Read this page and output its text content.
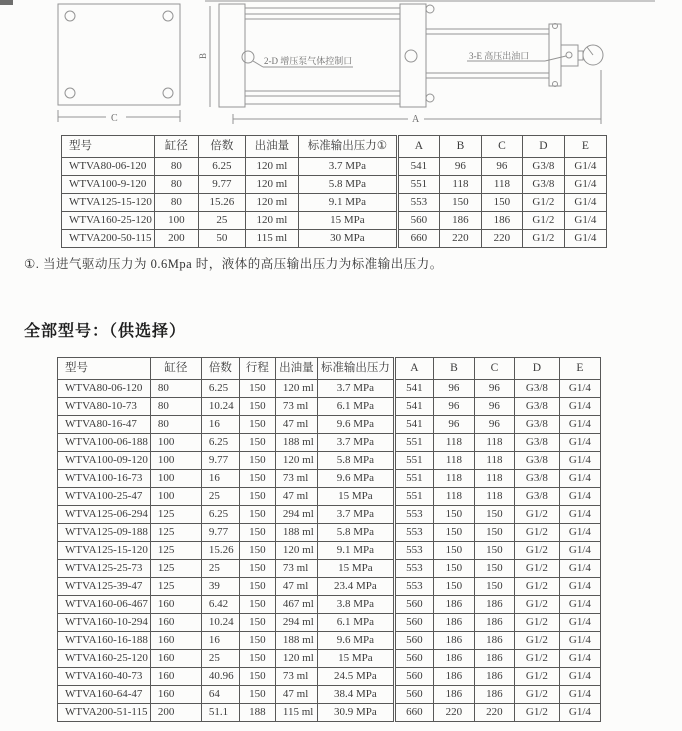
C
B
2-D 增压泵气体控制口	3-E 高压出油口
A
型号	缸径	倍数	出油量	标准输出压力①	A	B	C	D	E
WTVA80-06-120	80	6.25	120 ml	3.7 MPa	541	96	96	G3/8	G1/4
WTVA100-9-120	80	9.77	120 ml	5.8 MPa	551	118	118	G3/8	G1/4
WTVA125-15-120	80	15.26	120 ml	9.1 MPa	553	150	150	G1/2	G1/4
WTVA160-25-120	100	25	120 ml	15 MPa	560	186	186	G1/2	G1/4
WTVA200-50-115	200	50	115 ml	30 MPa	660	220	220	G1/2	G1/4
①. 当进气驱动压力为 0.6Mpa 时，液体的高压输出压力为标准输出压力。
全部型号：（供选择）
型号	缸径	倍数	行程	出油量	标准输出压力	A	B	C	D	E
WTVA80-06-120	80	6.25	150	120 ml	3.7 MPa	541	96	96	G3/8	G1/4
WTVA80-10-73	80	10.24	150	73 ml	6.1 MPa	541	96	96	G3/8	G1/4
WTVA80-16-47	80	16	150	47 ml	9.6 MPa	541	96	96	G3/8	G1/4
WTVA100-06-188	100	6.25	150	188 ml	3.7 MPa	551	118	118	G3/8	G1/4
WTVA100-09-120	100	9.77	150	120 ml	5.8 MPa	551	118	118	G3/8	G1/4
WTVA100-16-73	100	16	150	73 ml	9.6 MPa	551	118	118	G3/8	G1/4
WTVA100-25-47	100	25	150	47 ml	15 MPa	551	118	118	G3/8	G1/4
WTVA125-06-294	125	6.25	150	294 ml	3.7 MPa	553	150	150	G1/2	G1/4
WTVA125-09-188	125	9.77	150	188 ml	5.8 MPa	553	150	150	G1/2	G1/4
WTVA125-15-120	125	15.26	150	120 ml	9.1 MPa	553	150	150	G1/2	G1/4
WTVA125-25-73	125	25	150	73 ml	15 MPa	553	150	150	G1/2	G1/4
WTVA125-39-47	125	39	150	47 ml	23.4 MPa	553	150	150	G1/2	G1/4
WTVA160-06-467	160	6.42	150	467 ml	3.8 MPa	560	186	186	G1/2	G1/4
WTVA160-10-294	160	10.24	150	294 ml	6.1 MPa	560	186	186	G1/2	G1/4
WTVA160-16-188	160	16	150	188 ml	9.6 MPa	560	186	186	G1/2	G1/4
WTVA160-25-120	160	25	150	120 ml	15 MPa	560	186	186	G1/2	G1/4
WTVA160-40-73	160	40.96	150	73 ml	24.5 MPa	560	186	186	G1/2	G1/4
WTVA160-64-47	160	64	150	47 ml	38.4 MPa	560	186	186	G1/2	G1/4
WTVA200-51-115	200	51.1	188	115 ml	30.9 MPa	660	220	220	G1/2	G1/4
